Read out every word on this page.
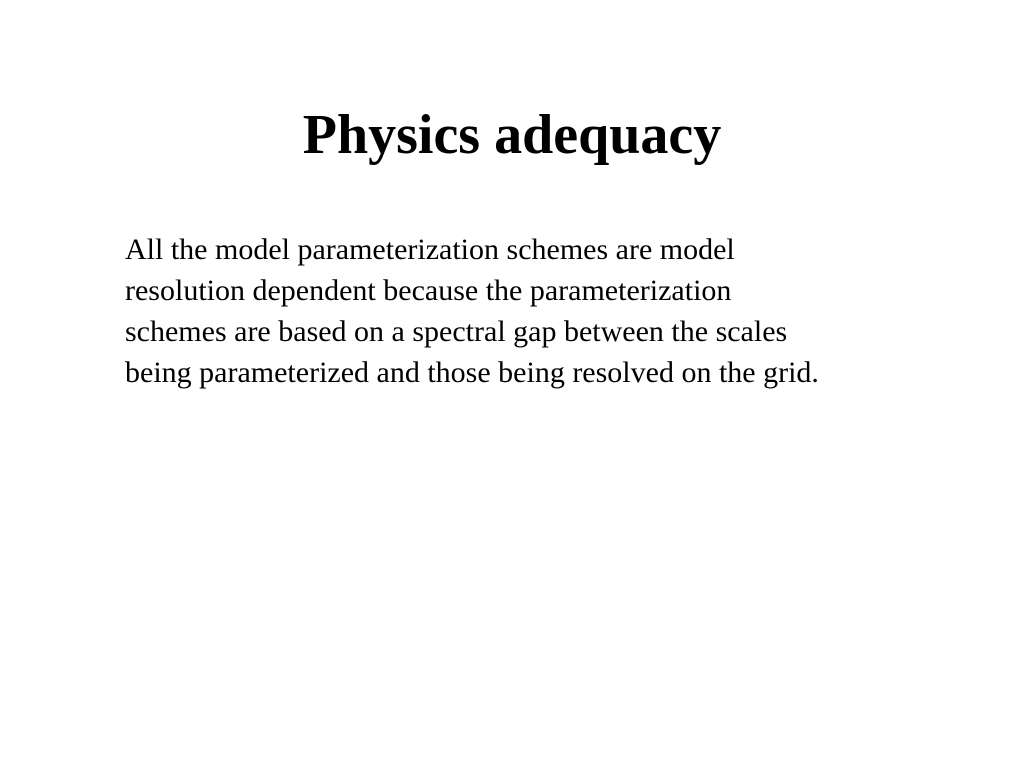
Physics adequacy
All the model parameterization schemes are model
resolution dependent because the parameterization
schemes are based on a spectral gap between the scales
being parameterized and those being resolved on the grid.
